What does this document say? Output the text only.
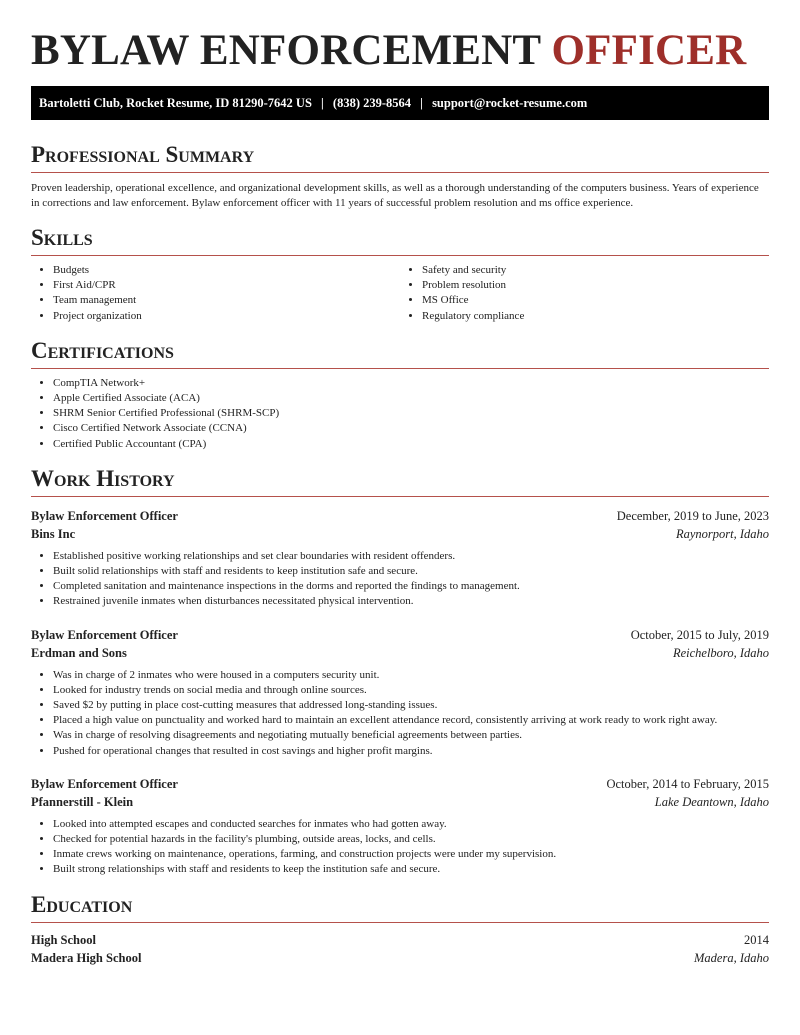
BYLAW ENFORCEMENT OFFICER
Bartoletti Club, Rocket Resume, ID 81290-7642 US | (838) 239-8564 | support@rocket-resume.com
Professional Summary

Proven leadership, operational excellence, and organizational development skills, as well as a thorough understanding of the computers business. Years of experience in corrections and law enforcement. Bylaw enforcement officer with 11 years of successful problem resolution and ms office experience.

Skills
• Budgets
• First Aid/CPR
• Team management
• Project organization
• Safety and security
• Problem resolution
• MS Office
• Regulatory compliance
Certifications
• CompTIA Network+
• Apple Certified Associate (ACA)
• SHRM Senior Certified Professional (SHRM-SCP)
• Cisco Certified Network Associate (CCNA)
• Certified Public Accountant (CPA)
Work History
Bylaw Enforcement Officer	December, 2019 to June, 2023
Bins Inc	Raynorport, Idaho
• Established positive working relationships and set clear boundaries with resident offenders.
• Built solid relationships with staff and residents to keep institution safe and secure.
• Completed sanitation and maintenance inspections in the dorms and reported the findings to management.
• Restrained juvenile inmates when disturbances necessitated physical intervention.
Bylaw Enforcement Officer	October, 2015 to July, 2019
Erdman and Sons	Reichelboro, Idaho
• Was in charge of 2 inmates who were housed in a computers security unit.
• Looked for industry trends on social media and through online sources.
• Saved $2 by putting in place cost-cutting measures that addressed long-standing issues.
• Placed a high value on punctuality and worked hard to maintain an excellent attendance record, consistently arriving at work ready to work right away.
• Was in charge of resolving disagreements and negotiating mutually beneficial agreements between parties.
• Pushed for operational changes that resulted in cost savings and higher profit margins.
Bylaw Enforcement Officer	October, 2014 to February, 2015
Pfannerstill - Klein	Lake Deantown, Idaho
• Looked into attempted escapes and conducted searches for inmates who had gotten away.
• Checked for potential hazards in the facility's plumbing, outside areas, locks, and cells.
• Inmate crews working on maintenance, operations, farming, and construction projects were under my supervision.
• Built strong relationships with staff and residents to keep the institution safe and secure.
Education
High School	2014
Madera High School	Madera, Idaho
